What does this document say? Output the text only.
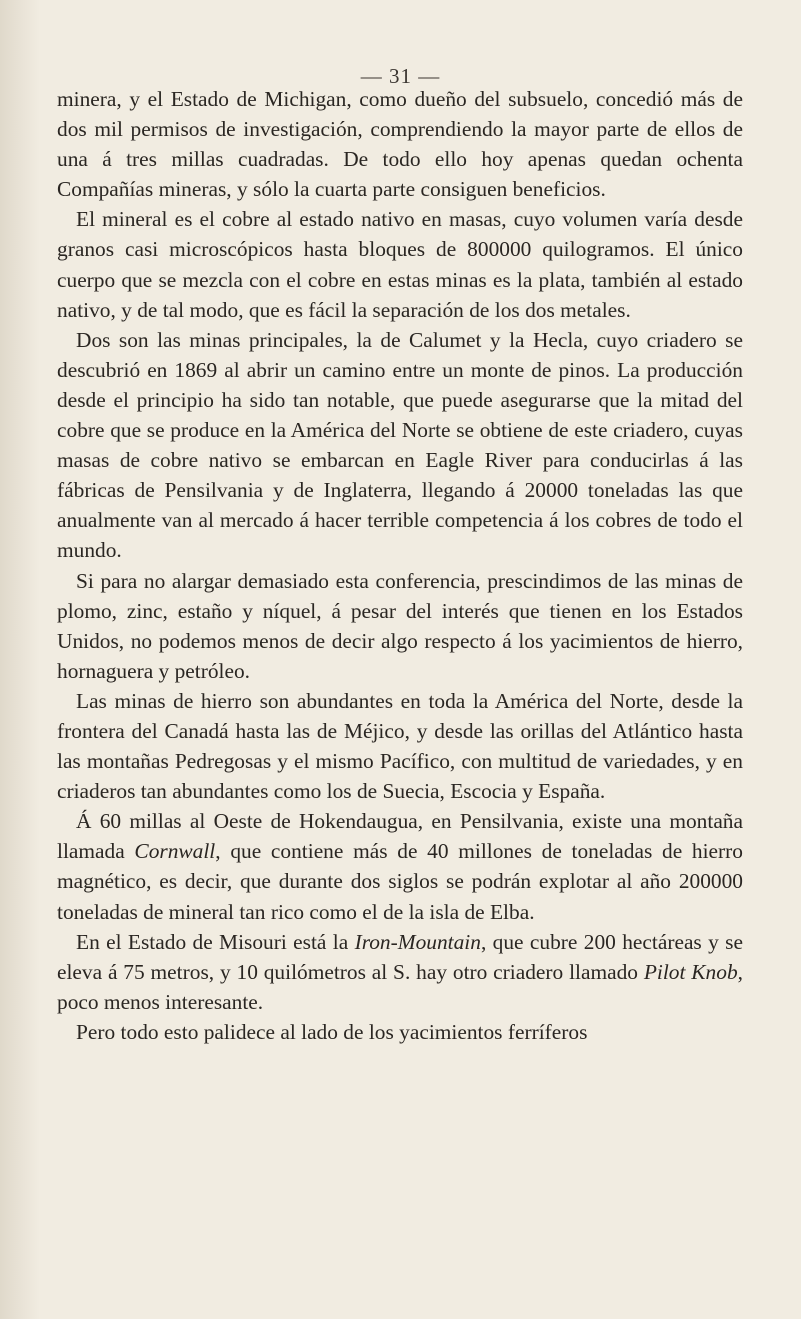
— 31 —

minera, y el Estado de Michigan, como dueño del subsuelo, concedió más de dos mil permisos de investigación, comprendiendo la mayor parte de ellos de una á tres millas cuadradas. De todo ello hoy apenas quedan ochenta Compañías mineras, y sólo la cuarta parte consiguen beneficios.

El mineral es el cobre al estado nativo en masas, cuyo volumen varía desde granos casi microscópicos hasta bloques de 800000 quilogramos. El único cuerpo que se mezcla con el cobre en estas minas es la plata, también al estado nativo, y de tal modo, que es fácil la separación de los dos metales.

Dos son las minas principales, la de Calumet y la Hecla, cuyo criadero se descubrió en 1869 al abrir un camino entre un monte de pinos. La producción desde el principio ha sido tan notable, que puede asegurarse que la mitad del cobre que se produce en la América del Norte se obtiene de este criadero, cuyas masas de cobre nativo se embarcan en Eagle River para conducirlas á las fábricas de Pensilvania y de Inglaterra, llegando á 20000 toneladas las que anualmente van al mercado á hacer terrible competencia á los cobres de todo el mundo.

Si para no alargar demasiado esta conferencia, prescindimos de las minas de plomo, zinc, estaño y níquel, á pesar del interés que tienen en los Estados Unidos, no podemos menos de decir algo respecto á los yacimientos de hierro, hornaguera y petróleo.

Las minas de hierro son abundantes en toda la América del Norte, desde la frontera del Canadá hasta las de Méjico, y desde las orillas del Atlántico hasta las montañas Pedregosas y el mismo Pacífico, con multitud de variedades, y en criaderos tan abundantes como los de Suecia, Escocia y España.

Á 60 millas al Oeste de Hokendaugua, en Pensilvania, existe una montaña llamada Cornwall, que contiene más de 40 millones de toneladas de hierro magnético, es decir, que durante dos siglos se podrán explotar al año 200000 toneladas de mineral tan rico como el de la isla de Elba.

En el Estado de Misouri está la Iron-Mountain, que cubre 200 hectáreas y se eleva á 75 metros, y 10 quilómetros al S. hay otro criadero llamado Pilot Knob, poco menos interesante.

Pero todo esto palidece al lado de los yacimientos ferríferos
